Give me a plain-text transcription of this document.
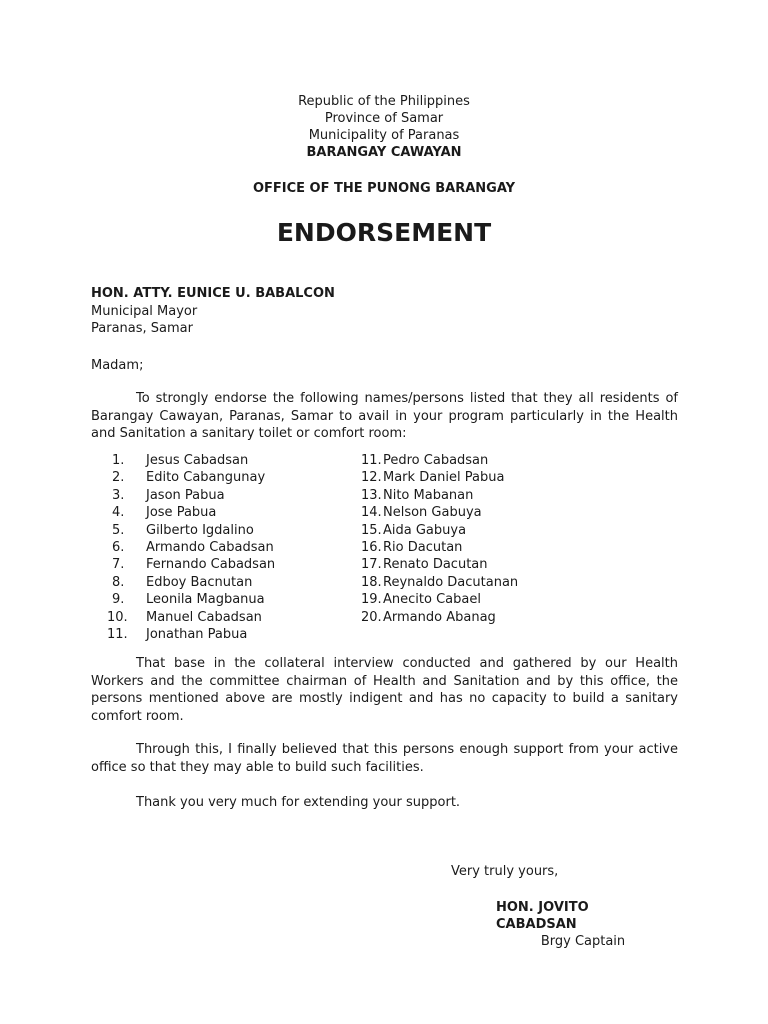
Republic of the Philippines
Province of Samar
Municipality of Paranas
BARANGAY CAWAYAN
OFFICE OF THE PUNONG BARANGAY
ENDORSEMENT
HON. ATTY. EUNICE U. BABALCON
Municipal Mayor
Paranas, Samar
Madam;
To strongly endorse the following names/persons listed that they all residents of Barangay Cawayan, Paranas, Samar to avail in your program particularly in the Health and Sanitation a sanitary toilet or comfort room:
1. Jesus Cabadsan
2. Edito Cabangunay
3. Jason Pabua
4. Jose Pabua
5. Gilberto Igdalino
6. Armando Cabadsan
7. Fernando Cabadsan
8. Edboy Bacnutan
9. Leonila Magbanua
10. Manuel Cabadsan
11. Jonathan Pabua
11.Pedro Cabadsan
12.Mark Daniel Pabua
13.Nito Mabanan
14.Nelson Gabuya
15.Aida Gabuya
16.Rio Dacutan
17.Renato Dacutan
18.Reynaldo Dacutanan
19.Anecito Cabael
20.Armando Abanag
That base in the collateral interview conducted and gathered by our Health Workers and the committee chairman of Health and Sanitation and by this office, the persons mentioned above are mostly indigent and has no capacity to build a sanitary comfort room.
Through this, I finally believed that this persons enough support from your active office so that they may able to build such facilities.
Thank you very much for extending your support.
Very truly yours,
HON. JOVITO CABADSAN
Brgy Captain
